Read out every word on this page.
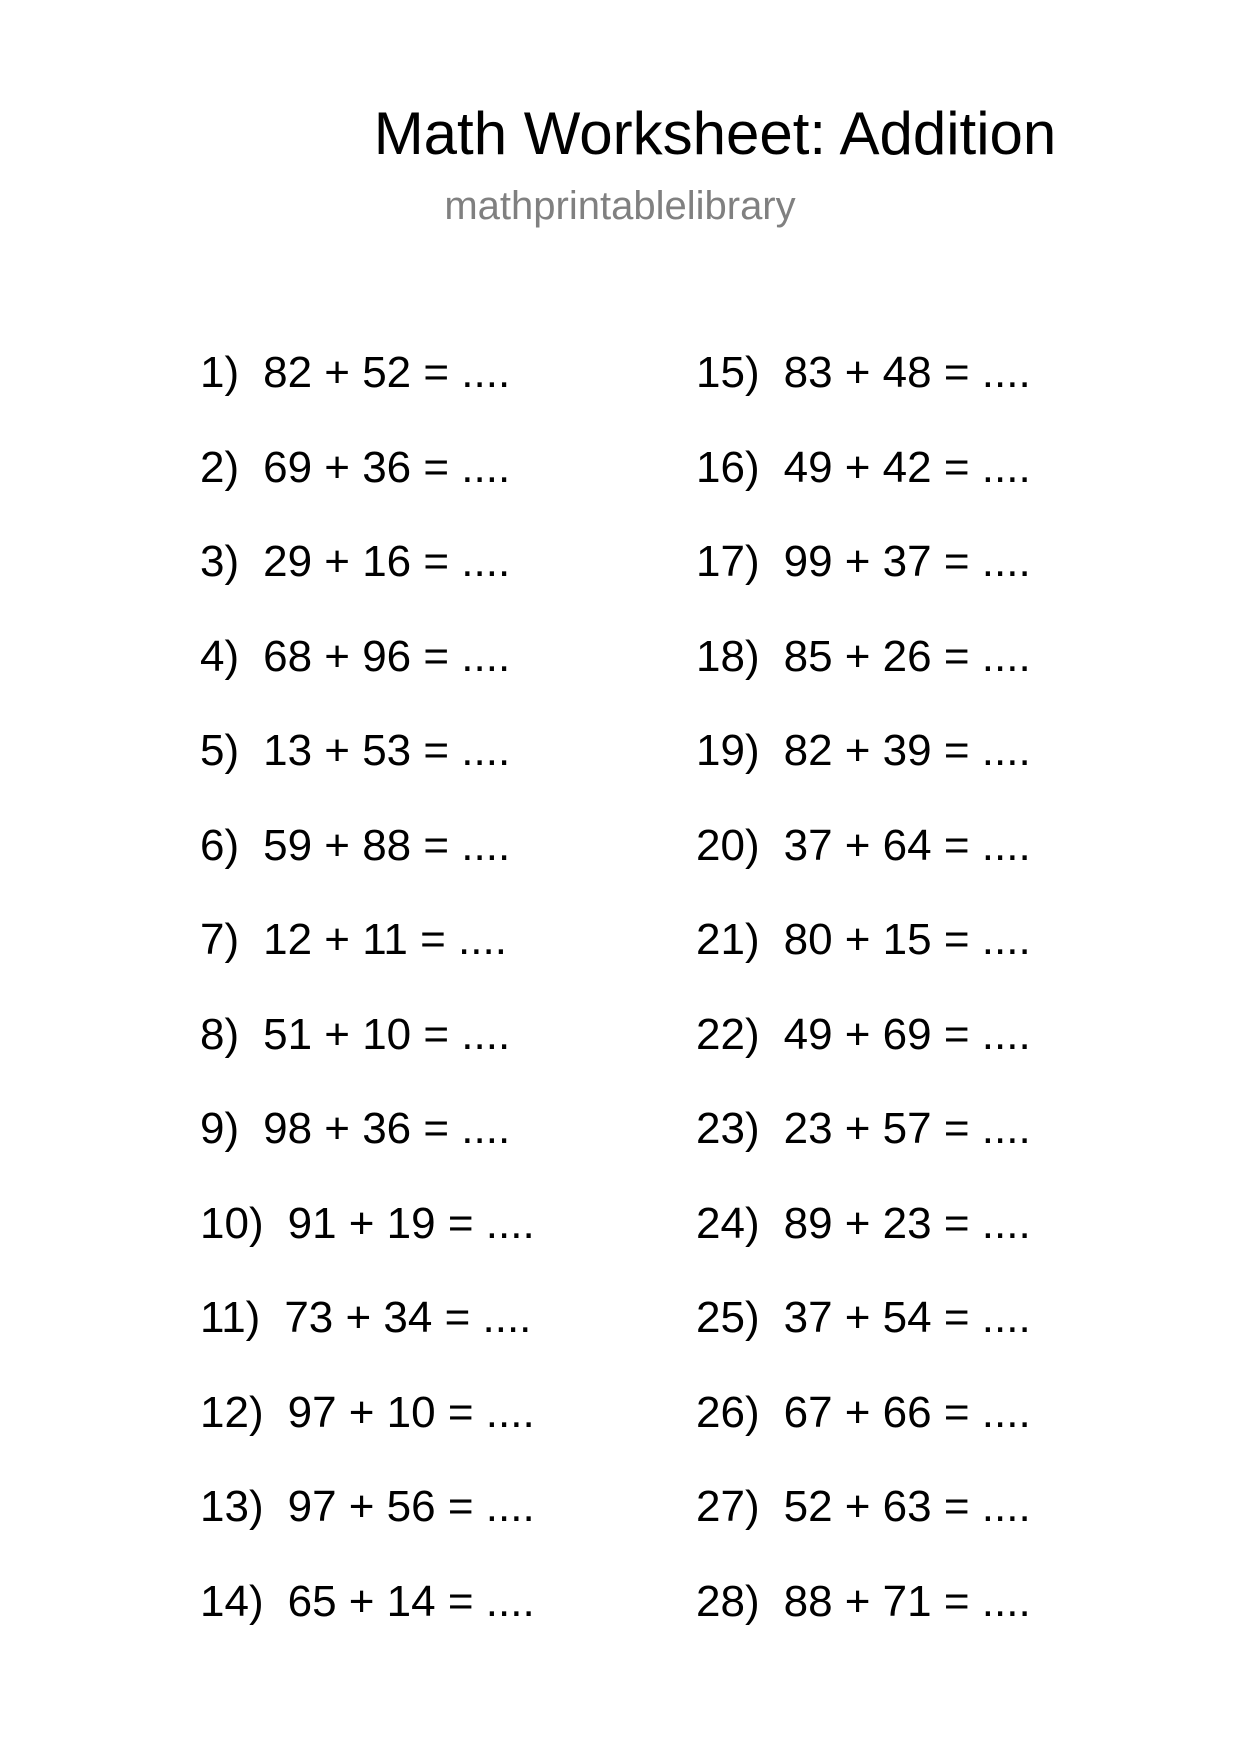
Math Worksheet: Addition
mathprintablelibrary
1) 82 + 52 = ....
2) 69 + 36 = ....
3) 29 + 16 = ....
4) 68 + 96 = ....
5) 13 + 53 = ....
6) 59 + 88 = ....
7) 12 + 11 = ....
8) 51 + 10 = ....
9) 98 + 36 = ....
10) 91 + 19 = ....
11) 73 + 34 = ....
12) 97 + 10 = ....
13) 97 + 56 = ....
14) 65 + 14 = ....
15) 83 + 48 = ....
16) 49 + 42 = ....
17) 99 + 37 = ....
18) 85 + 26 = ....
19) 82 + 39 = ....
20) 37 + 64 = ....
21) 80 + 15 = ....
22) 49 + 69 = ....
23) 23 + 57 = ....
24) 89 + 23 = ....
25) 37 + 54 = ....
26) 67 + 66 = ....
27) 52 + 63 = ....
28) 88 + 71 = ....
